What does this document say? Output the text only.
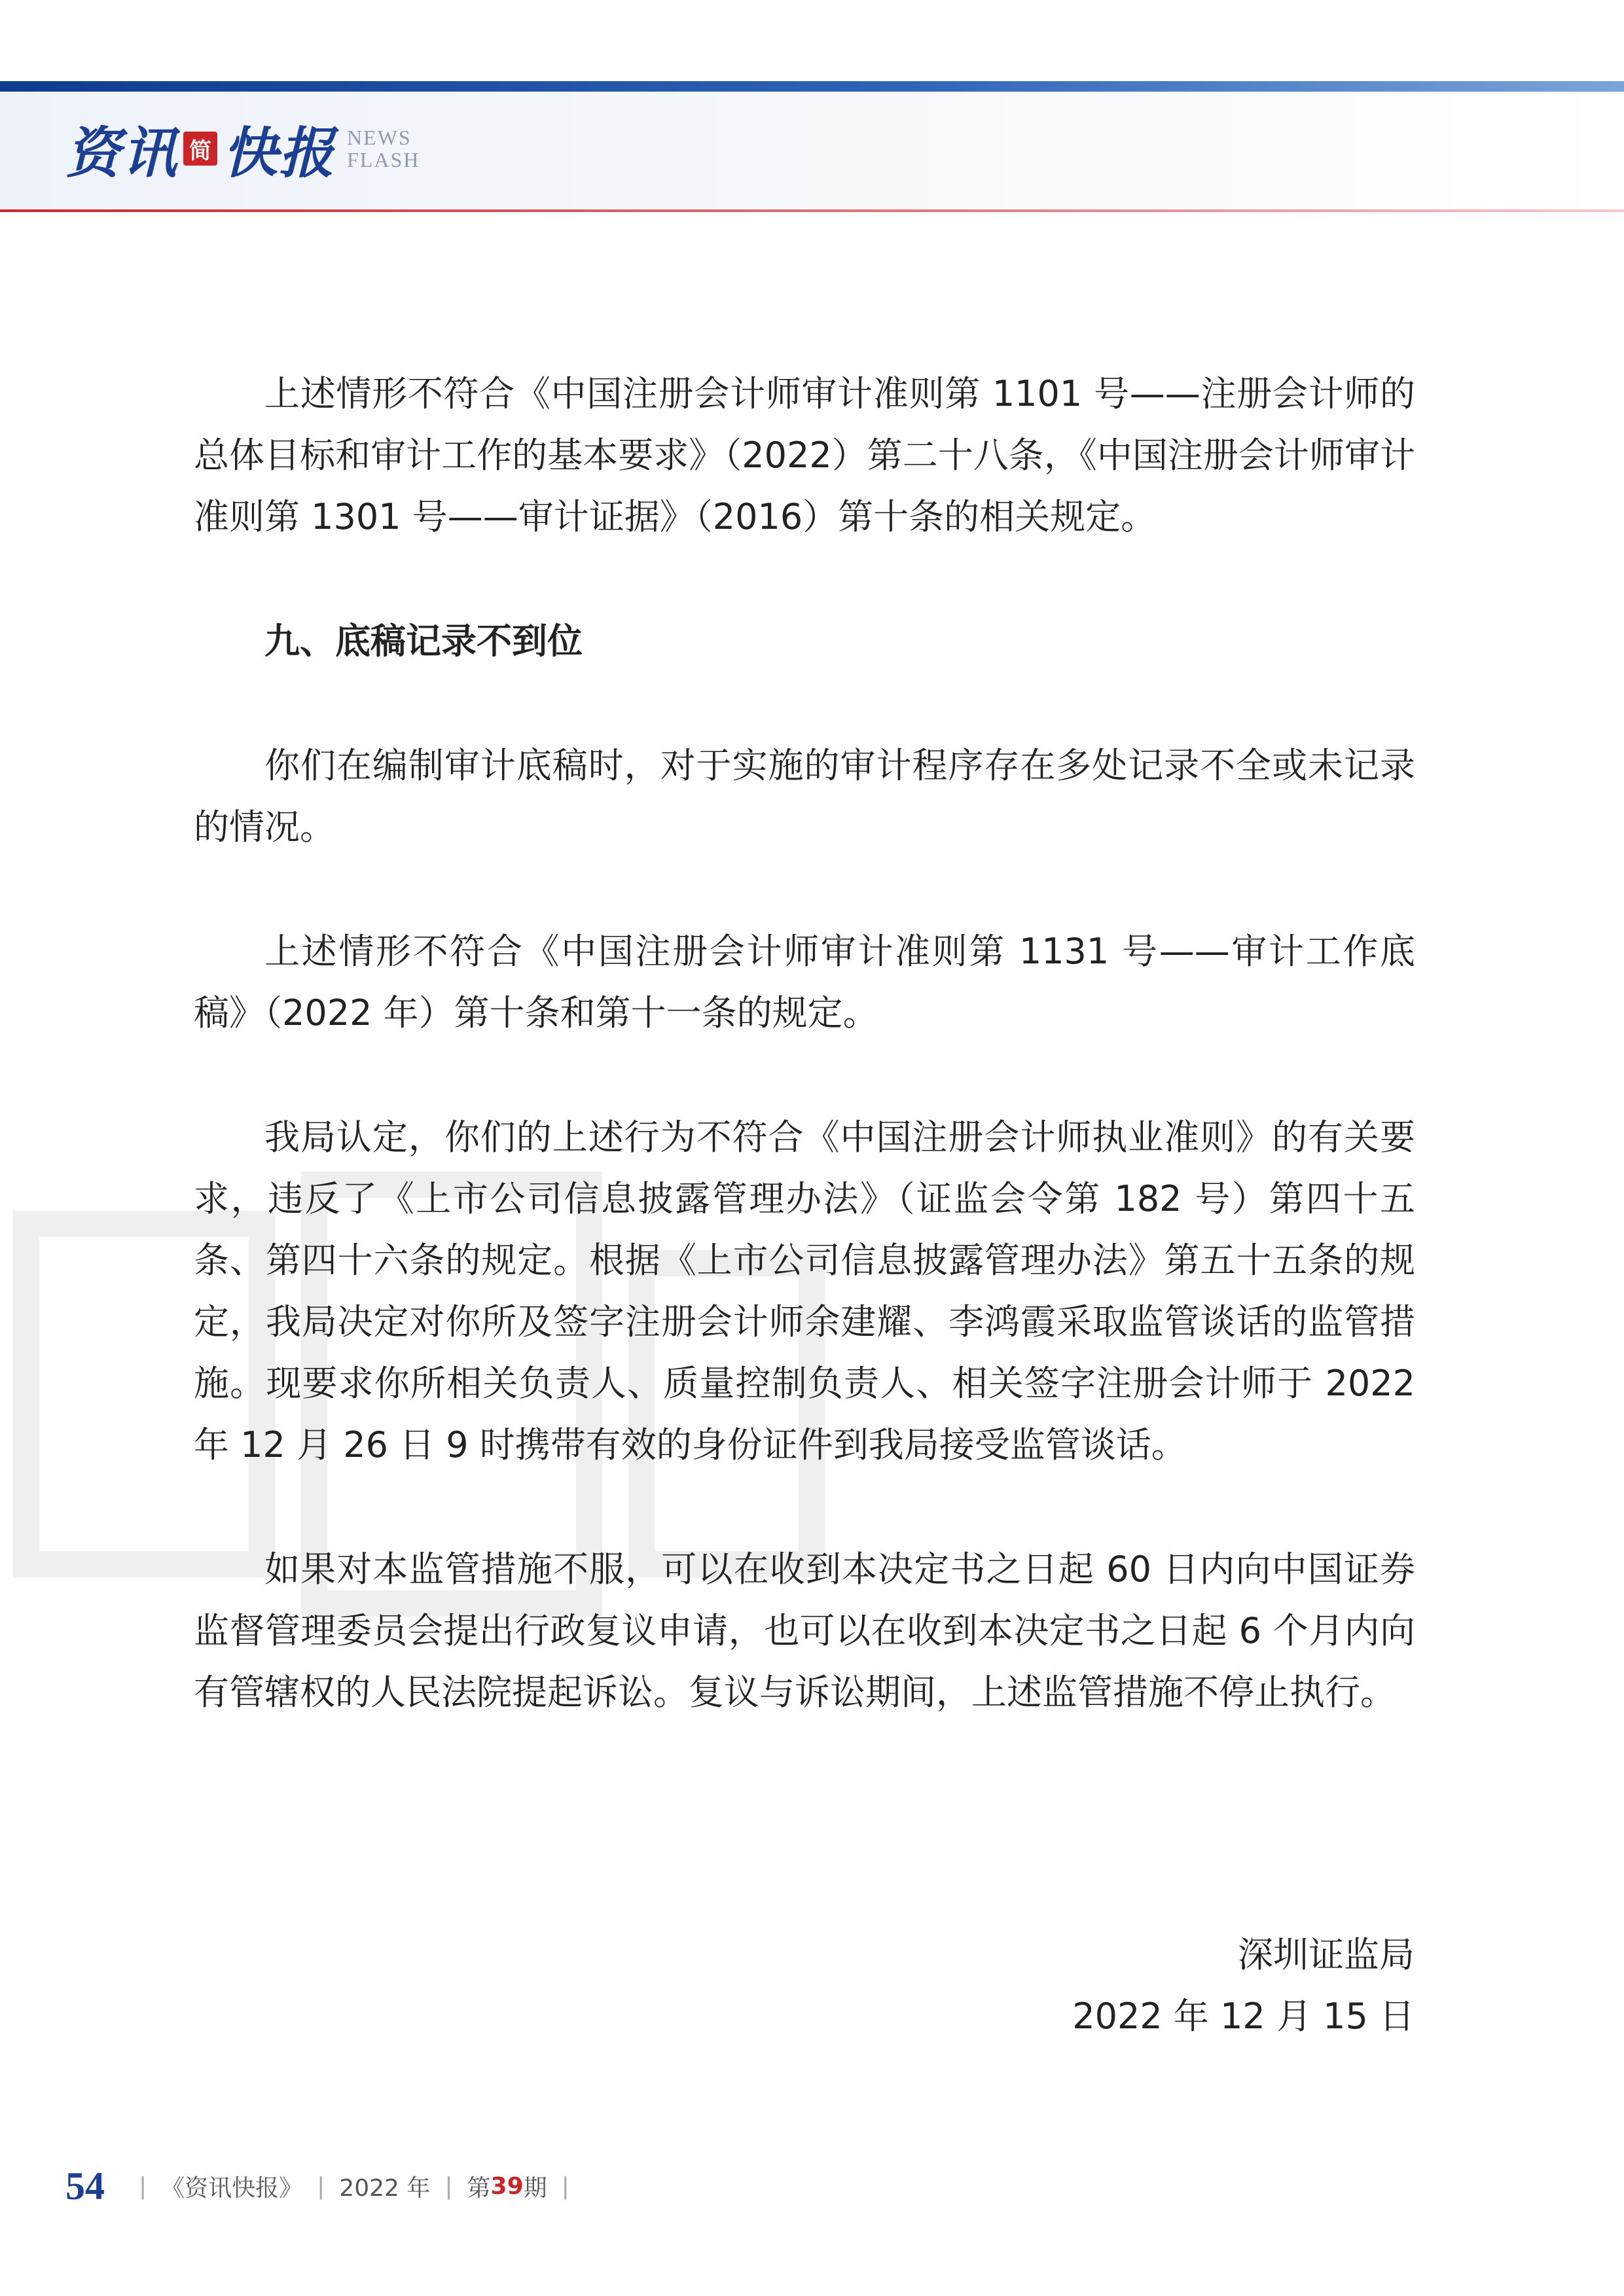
资讯 简 快报 NEWS
FLASH

上述情形不符合《中国注册会计师审计准则第 1101 号——注册会计师的总体目标和审计工作的基本要求》（2022）第二十八条，《中国注册会计师审计准则第 1301 号——审计证据》（2016）第十条的相关规定。

九、底稿记录不到位

你们在编制审计底稿时，对于实施的审计程序存在多处记录不全或未记录的情况。

上述情形不符合《中国注册会计师审计准则第 1131 号——审计工作底稿》（2022 年）第十条和第十一条的规定。

我局认定，你们的上述行为不符合《中国注册会计师执业准则》的有关要求，违反了《上市公司信息披露管理办法》（证监会令第 182 号）第四十五条、第四十六条的规定。根据《上市公司信息披露管理办法》第五十五条的规定，我局决定对你所及签字注册会计师余建耀、李鸿霞采取监管谈话的监管措施。现要求你所相关负责人、质量控制负责人、相关签字注册会计师于 2022 年 12 月 26 日 9 时携带有效的身份证件到我局接受监管谈话。

如果对本监管措施不服，可以在收到本决定书之日起 60 日内向中国证券监督管理委员会提出行政复议申请，也可以在收到本决定书之日起 6 个月内向有管辖权的人民法院提起诉讼。复议与诉讼期间，上述监管措施不停止执行。

深圳证监局
2022 年 12 月 15 日
54 | 《资讯快报》 | 2022 年 | 第 39 期 |
